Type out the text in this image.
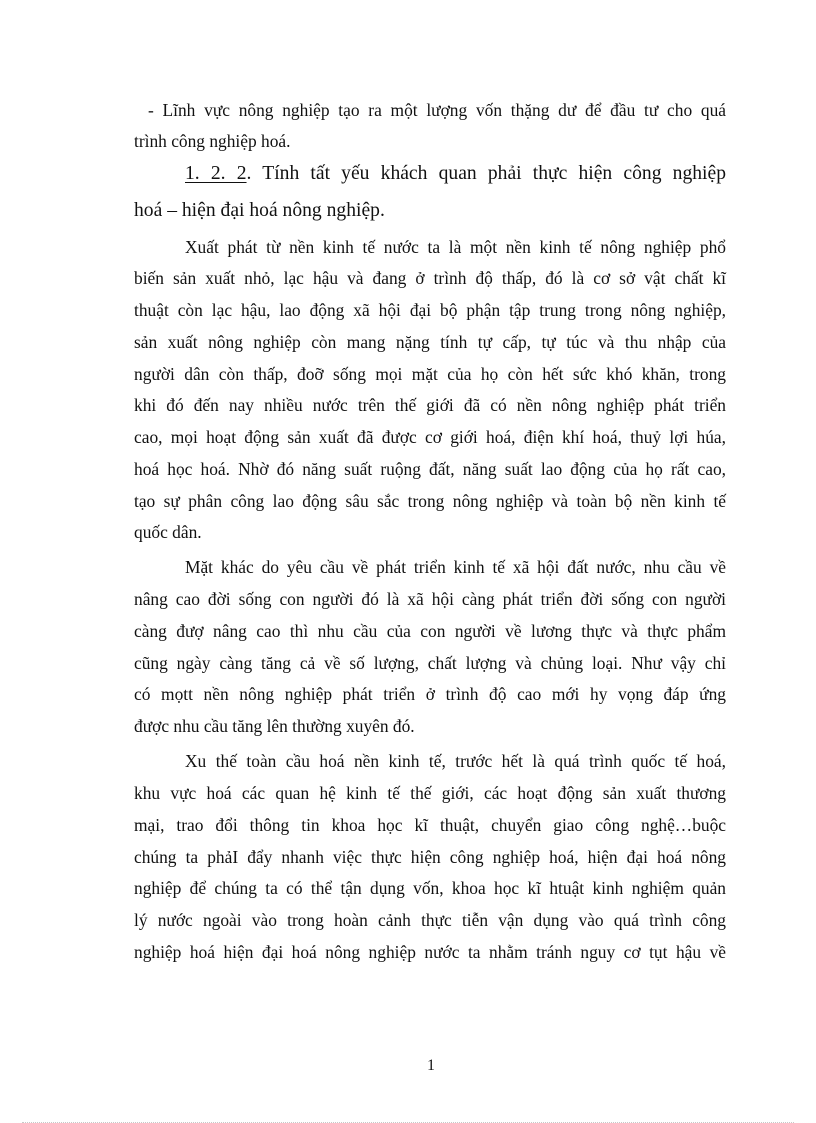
- Lĩnh vực nông nghiệp tạo ra một lượng vốn thặng dư để đầu tư cho quá
trình công nghiệp hoá.
1. 2. 2. Tính tất yếu khách quan phải thực hiện công nghiệp
hoá – hiện đại hoá nông nghiệp.
Xuất phát từ nền kinh tế nước ta là một nền kinh tế nông nghiệp phổ
biến sản xuất nhỏ, lạc hậu và đang ở trình độ thấp, đó là cơ sở vật chất kĩ
thuật còn lạc hậu, lao động xã hội đại bộ phận tập trung trong nông nghiệp,
sản xuất nông nghiệp còn mang nặng tính tự cấp, tự túc và thu nhập của
người dân còn thấp, đoỡ sống mọi mặt của họ còn hết sức khó khăn, trong
khi đó đến nay nhiều nước trên thế giới đã có nền nông nghiệp phát triển
cao, mọi hoạt động sản xuất đã được cơ giới hoá, điện khí hoá, thuỷ lợi húa,
hoá học hoá. Nhờ đó năng suất ruộng đất, năng suất lao động của họ rất cao,
tạo sự phân công lao động sâu sắc trong nông nghiệp và toàn bộ nền kinh tế
quốc dân.
Mặt khác do yêu cầu về phát triển kinh tế xã hội đất nước, nhu cầu về
nâng cao đời sống con người đó là xã hội càng phát triển đời sống con người
càng đượ nâng cao thì nhu cầu của con người về lương thực và thực phẩm
cũng ngày càng tăng cả về số lượng, chất lượng và chủng loại. Như vậy chỉ
có mọtt nền nông nghiệp phát triển ở trình độ cao mới hy vọng đáp ứng
được nhu cầu tăng lên thường xuyên đó.
Xu thế toàn cầu hoá nền kinh tế, trước hết là quá trình quốc tế hoá,
khu vực hoá các quan hệ kinh tế thế giới, các hoạt động sản xuất thương
mại, trao đổi thông tin khoa học kĩ thuật, chuyển giao công nghệ…buộc
chúng ta phảI đẩy nhanh việc thực hiện công nghiệp hoá, hiện đại hoá nông
nghiệp để chúng ta có thể tận dụng vốn, khoa học kĩ htuật kinh nghiệm quản
lý nước ngoài vào trong hoàn cảnh thực tiễn vận dụng vào quá trình công
nghiệp hoá hiện đại hoá nông nghiệp nước ta nhằm tránh nguy cơ tụt hậu về
1
